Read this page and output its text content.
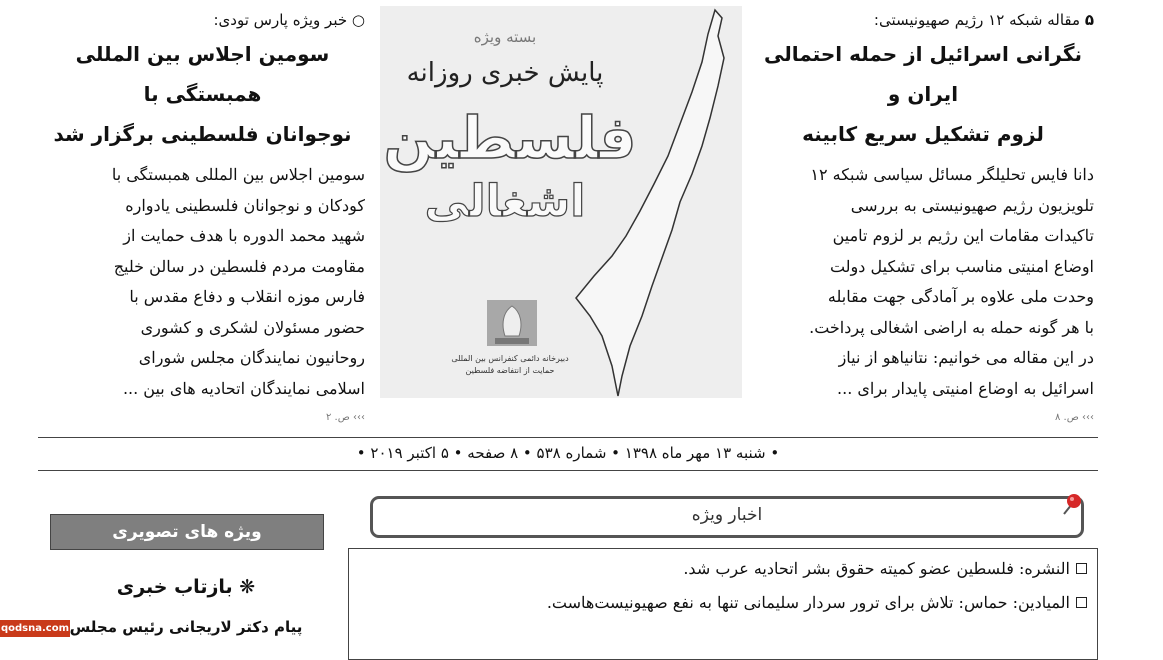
۵ مقاله شبکه ۱۲ رژیم صهیونیستی:
نگرانی اسرائیل از حمله احتمالی ایران و
لزوم تشکیل سریع کابینه
دانا فایس تحلیلگر مسائل سیاسی شبکه ۱۲
تلویزیون رژیم صهیونیستی به بررسی
تاکیدات مقامات این رژیم بر لزوم تامین
اوضاع امنیتی مناسب برای تشکیل دولت
وحدت ملی علاوه بر آمادگی جهت مقابله
با هر گونه حمله به اراضی اشغالی پرداخت.
در این مقاله می خوانیم: نتانیاهو از نیاز
اسرائیل به اوضاع امنیتی پایدار برای ...
››› ص. ۸
○ خبر ویژه پارس تودی:
سومین اجلاس بین المللی همبستگی با
نوجوانان فلسطینی برگزار شد
سومین اجلاس بین المللی همبستگی با
کودکان و نوجوانان فلسطینی یادواره
شهید محمد الدوره با هدف حمایت از
مقاومت مردم فلسطین در سالن خلیج
فارس موزه انقلاب و دفاع مقدس با
حضور مسئولان لشکری و کشوری
روحانیون نمایندگان مجلس شورای
اسلامی نمایندگان اتحادیه های بین ...
››› ص. ۲
بسته ویژه
پایش خبری روزانه
فلسطین
اشغالی
دبیرخانه دائمی کنفرانس بین المللی
حمایت از انتفاضه فلسطین
• شنبه ۱۳ مهر ماه ۱۳۹۸ • شماره ۵۳۸ • ۸ صفحه • ۵ اکتبر ۲۰۱۹ •
اخبار ویژه
النشره: فلسطین عضو کمیته حقوق بشر اتحادیه عرب شد.
المیادین: حماس: تلاش برای ترور سردار سلیمانی تنها به نفع صهیونیست‌هاست.
ویژه های تصویری
❋ بازتاب خبری
پیام دکتر لاریجانی رئیس مجلس
qodsna.com
